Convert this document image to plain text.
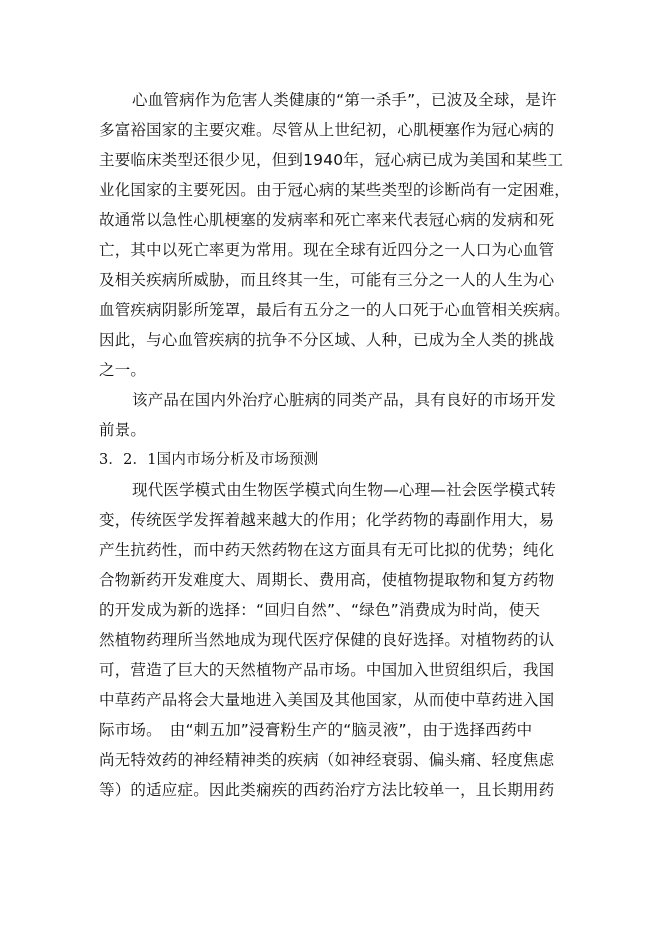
心血管病作为危害人类健康的“第一杀手”，已波及全球，是许
多富裕国家的主要灾难。尽管从上世纪初，心肌梗塞作为冠心病的
主要临床类型还很少见，但到1940年，冠心病已成为美国和某些工
业化国家的主要死因。由于冠心病的某些类型的诊断尚有一定困难，
故通常以急性心肌梗塞的发病率和死亡率来代表冠心病的发病和死
亡，其中以死亡率更为常用。现在全球有近四分之一人口为心血管
及相关疾病所威胁，而且终其一生，可能有三分之一人的人生为心
血管疾病阴影所笼罩，最后有五分之一的人口死于心血管相关疾病。
因此，与心血管疾病的抗争不分区域、人种，已成为全人类的挑战
之一。
该产品在国内外治疗心脏病的同类产品，具有良好的市场开发
前景。
3．2．1国内市场分析及市场预测
现代医学模式由生物医学模式向生物—心理—社会医学模式转
变，传统医学发挥着越来越大的作用；化学药物的毒副作用大，易
产生抗药性，而中药天然药物在这方面具有无可比拟的优势；纯化
合物新药开发难度大、周期长、费用高，使植物提取物和复方药物
的开发成为新的选择：“回归自然”、“绿色”消费成为时尚，使天
然植物药理所当然地成为现代医疗保健的良好选择。对植物药的认
可，营造了巨大的天然植物产品市场。中国加入世贸组织后，我国
中草药产品将会大量地进入美国及其他国家，从而使中草药进入国
际市场。　由“刺五加”浸膏粉生产的“脑灵液”，由于选择西药中
尚无特效药的神经精神类的疾病（如神经衰弱、偏头痛、轻度焦虑
等）的适应症。因此类痫疾的西药治疗方法比较单一，且长期用药
